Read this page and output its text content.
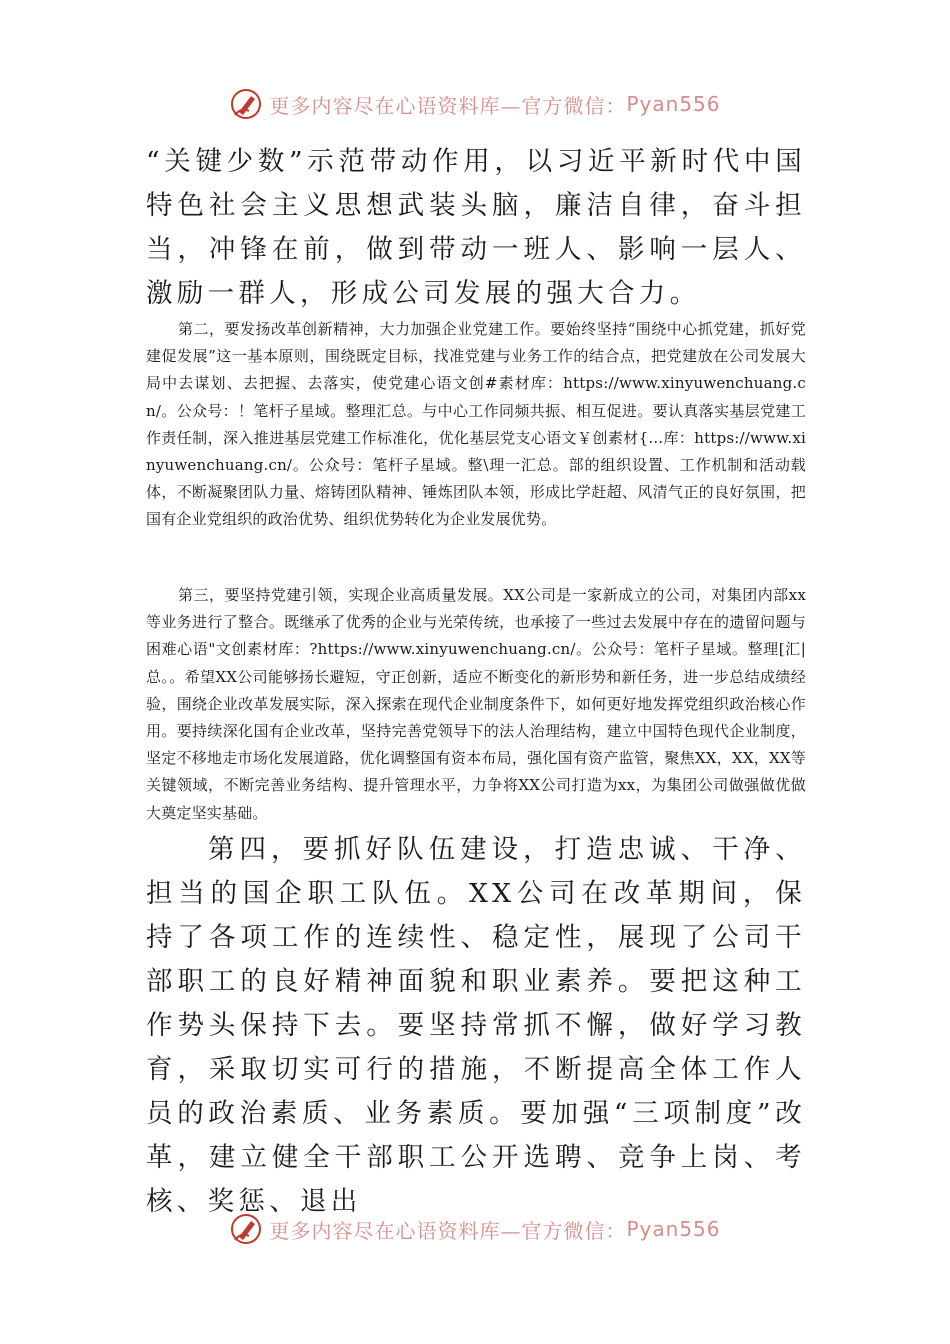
更多内容尽在心语资料库—官方微信： Pyan556

“关键少数”示范带动作用，以习近平新时代中国特色社会主义思想武装头脑，廉洁自律，奋斗担当，冲锋在前，做到带动一班人、影响一层人、激励一群人，形成公司发展的强大合力。

第二，要发扬改革创新精神，大力加强企业党建工作。要始终坚持“围绕中心抓党建，抓好党建促发展”这一基本原则，围绕既定目标，找准党建与业务工作的结合点，把党建放在公司发展大局中去谋划、去把握、去落实，使党建心语文创#素材库：https://www.xinyuwenchuang.cn/。公众号：！笔杆子星域。整理汇总。与中心工作同频共振、相互促进。要认真落实基层党建工作责任制，深入推进基层党建工作标准化，优化基层党支心语文￥创素材{...库：https://www.xinyuwenchuang.cn/。公众号：笔杆子星域。整\理一汇总。部的组织设置、工作机制和活动载体，不断凝聚团队力量、熔铸团队精神、锤炼团队本领，形成比学赶超、风清气正的良好氛围，把国有企业党组织的政治优势、组织优势转化为企业发展优势。

第三，要坚持党建引领，实现企业高质量发展。XX公司是一家新成立的公司，对集团内部xx等业务进行了整合。既继承了优秀的企业与光荣传统，也承接了一些过去发展中存在的遗留问题与困难心语"文创素材库：?https://www.xinyuwenchuang.cn/。公众号：笔杆子星域。整理[汇|总。。希望XX公司能够扬长避短，守正创新，适应不断变化的新形势和新任务，进一步总结成绩经验，围绕企业改革发展实际，深入探索在现代企业制度条件下，如何更好地发挥党组织政治核心作用。要持续深化国有企业改革，坚持完善党领导下的法人治理结构，建立中国特色现代企业制度，坚定不移地走市场化发展道路，优化调整国有资本布局，强化国有资产监管，聚焦XX，XX，XX等关键领域，不断完善业务结构、提升管理水平，力争将XX公司打造为xx，为集团公司做强做优做大奠定坚实基础。

第四，要抓好队伍建设，打造忠诚、干净、担当的国企职工队伍。XX公司在改革期间，保持了各项工作的连续性、稳定性，展现了公司干部职工的良好精神面貌和职业素养。要把这种工作势头保持下去。要坚持常抓不懈，做好学习教育，采取切实可行的措施，不断提高全体工作人员的政治素质、业务素质。要加强“三项制度”改革，建立健全干部职工公开选聘、竞争上岗、考核、奖惩、退出

更多内容尽在心语资料库—官方微信： Pyan556
